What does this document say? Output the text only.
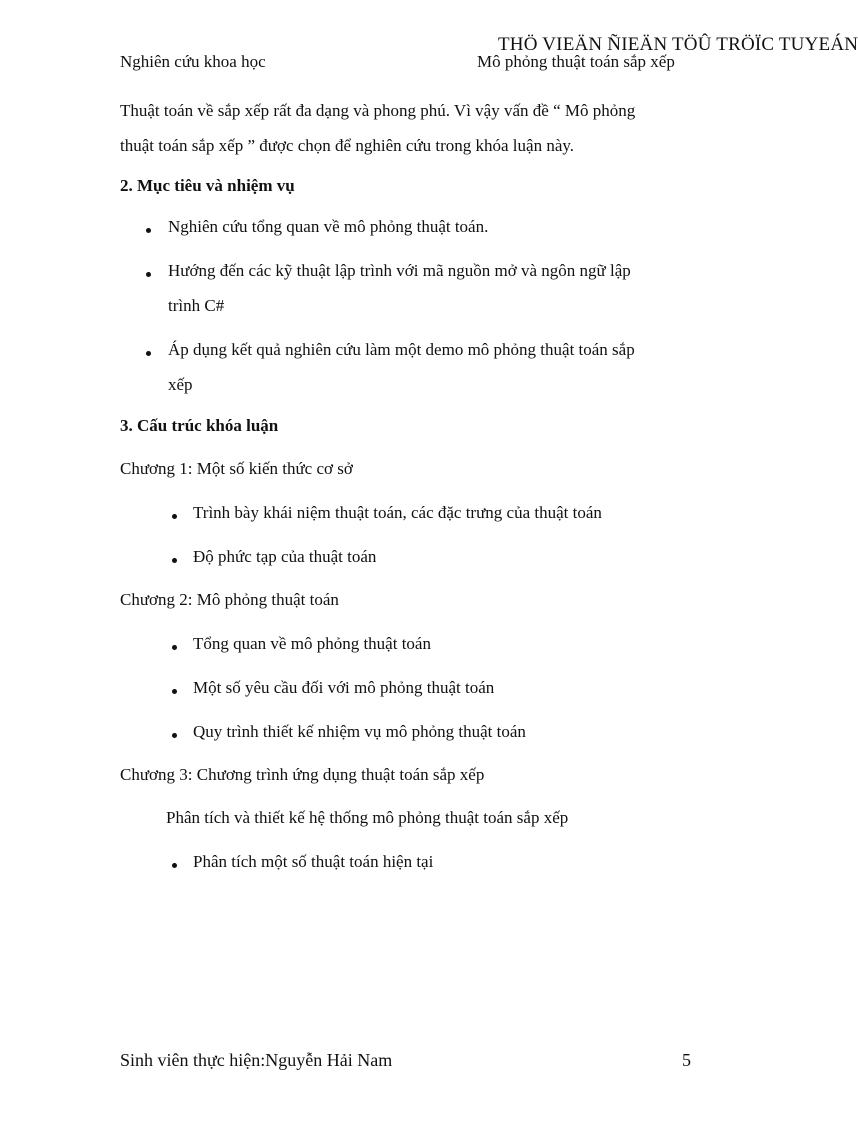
THÖ VIEÄN ÑIEÄN TÖÛ TRÖÏC TUYEÁN
Nghiên cứu khoa học	Mô phỏng thuật toán sắp xếp
Thuật toán về sắp xếp rất đa dạng và phong phú. Vì vậy vấn đề “ Mô phỏng
thuật toán sắp xếp ” được chọn để nghiên cứu trong khóa luận này.
2. Mục tiêu và nhiệm vụ
Nghiên cứu tổng quan về mô phỏng thuật toán.
Hướng đến các kỹ thuật lập trình với mã nguồn mở và ngôn ngữ lập
trình C#
Áp dụng kết quả nghiên cứu làm một demo mô phỏng thuật toán sắp
xếp
3. Cấu trúc khóa luận
Chương 1: Một số kiến thức cơ sở
Trình bày khái niệm thuật toán, các đặc trưng của thuật toán
Độ phức tạp của thuật toán
Chương 2: Mô phỏng thuật toán
Tổng quan về mô phỏng thuật toán
Một số yêu cầu đối với mô phỏng thuật toán
Quy trình thiết kế nhiệm vụ mô phỏng thuật toán
Chương 3: Chương trình ứng dụng thuật toán sắp xếp
Phân tích và thiết kế hệ thống mô phỏng thuật toán sắp xếp
Phân tích một số thuật toán hiện tại
Sinh viên thực hiện:Nguyễn Hải Nam	5
